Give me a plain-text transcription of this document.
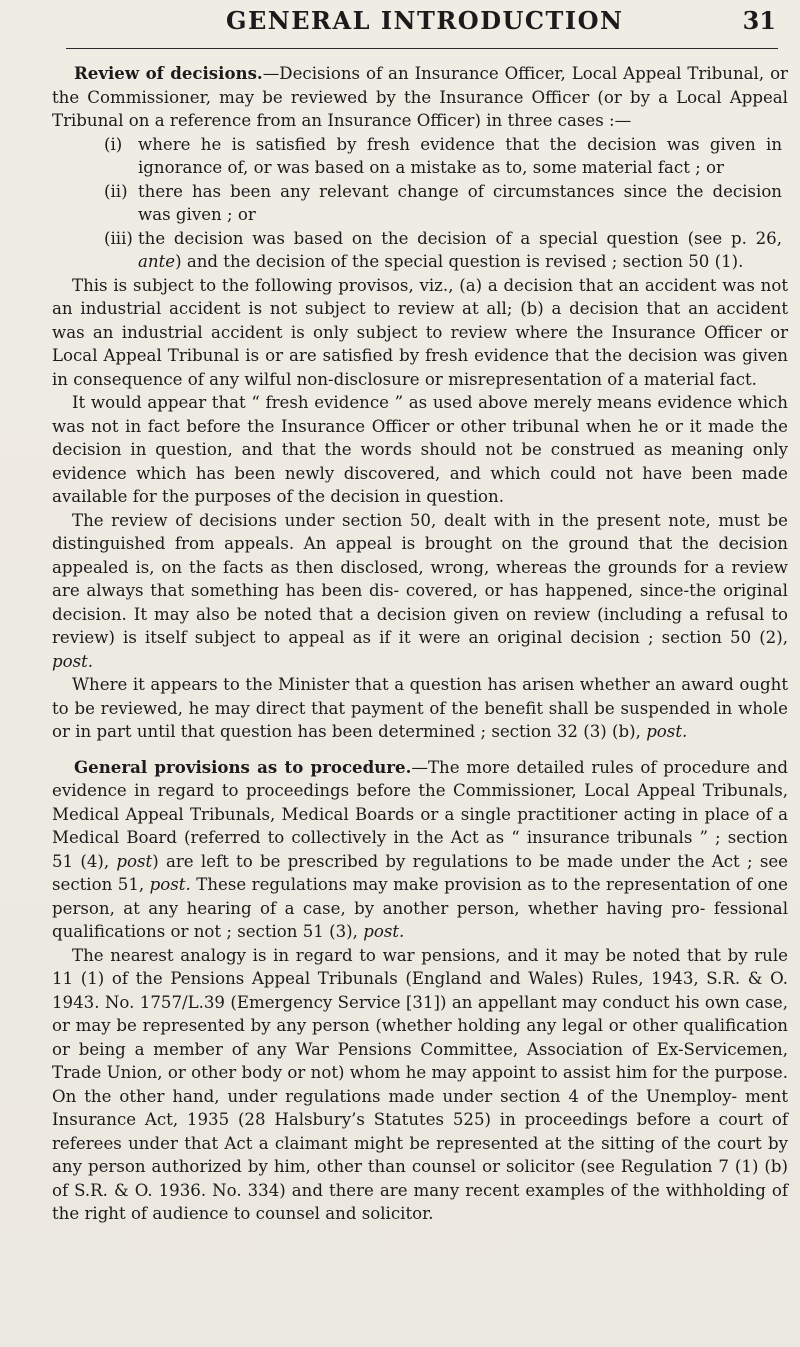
GENERAL INTRODUCTION	31

Review of decisions.—Decisions of an Insurance Officer, Local Appeal Tribunal, or the Commissioner, may be reviewed by the Insurance Officer (or by a Local Appeal Tribunal on a reference from an Insurance Officer) in three cases :—

(i) where he is satisfied by fresh evidence that the decision was given in ignorance of, or was based on a mistake as to, some material fact ; or
(ii) there has been any relevant change of circumstances since the decision was given ; or
(iii) the decision was based on the decision of a special question (see p. 26, ante) and the decision of the special question is revised ; section 50 (1).

This is subject to the following provisos, viz., (a) a decision that an accident was not an industrial accident is not subject to review at all; (b) a decision that an accident was an industrial accident is only subject to review where the Insurance Officer or Local Appeal Tribunal is or are satisfied by fresh evidence that the decision was given in consequence of any wilful non-disclosure or misrepresentation of a material fact.

It would appear that “ fresh evidence ” as used above merely means evidence which was not in fact before the Insurance Officer or other tribunal when he or it made the decision in question, and that the words should not be construed as meaning only evidence which has been newly discovered, and which could not have been made available for the purposes of the decision in question.

The review of decisions under section 50, dealt with in the present note, must be distinguished from appeals. An appeal is brought on the ground that the decision appealed is, on the facts as then disclosed, wrong, whereas the grounds for a review are always that something has been dis- covered, or has happened, since-the original decision. It may also be noted that a decision given on review (including a refusal to review) is itself subject to appeal as if it were an original decision ; section 50 (2), post.

Where it appears to the Minister that a question has arisen whether an award ought to be reviewed, he may direct that payment of the benefit shall be suspended in whole or in part until that question has been determined ; section 32 (3) (b), post.

General provisions as to procedure.—The more detailed rules of procedure and evidence in regard to proceedings before the Commissioner, Local Appeal Tribunals, Medical Appeal Tribunals, Medical Boards or a single practitioner acting in place of a Medical Board (referred to collectively in the Act as “ insurance tribunals ” ; section 51 (4), post) are left to be prescribed by regulations to be made under the Act ; see section 51, post. These regulations may make provision as to the representation of one person, at any hearing of a case, by another person, whether having pro- fessional qualifications or not ; section 51 (3), post.

The nearest analogy is in regard to war pensions, and it may be noted that by rule 11 (1) of the Pensions Appeal Tribunals (England and Wales) Rules, 1943, S.R. & O. 1943. No. 1757/L.39 (Emergency Service [31]) an appellant may conduct his own case, or may be represented by any person (whether holding any legal or other qualification or being a member of any War Pensions Committee, Association of Ex-Servicemen, Trade Union, or other body or not) whom he may appoint to assist him for the purpose. On the other hand, under regulations made under section 4 of the Unemploy- ment Insurance Act, 1935 (28 Halsbury’s Statutes 525) in proceedings before a court of referees under that Act a claimant might be represented at the sitting of the court by any person authorized by him, other than counsel or solicitor (see Regulation 7 (1) (b) of S.R. & O. 1936. No. 334) and there are many recent examples of the withholding of the right of audience to counsel and solicitor.
